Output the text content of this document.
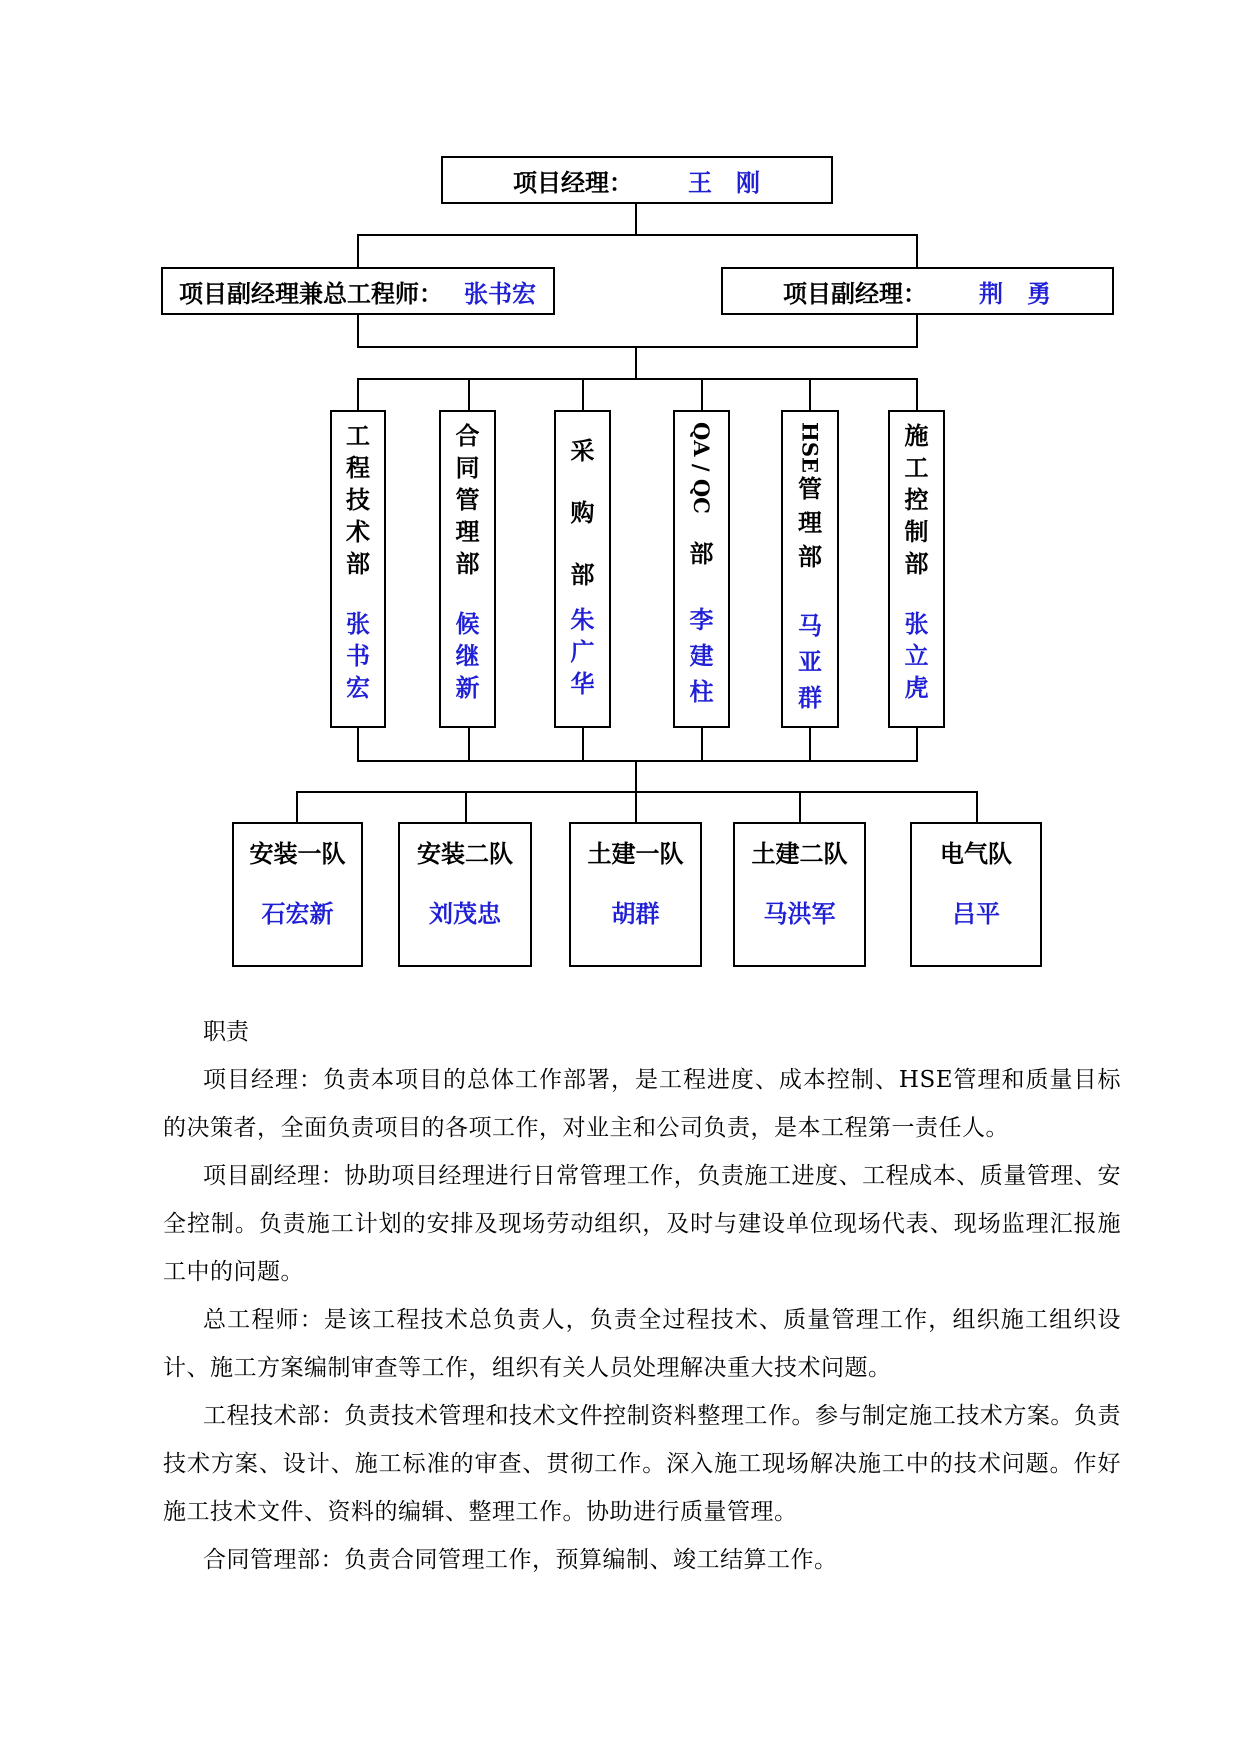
项目经理： 王　刚
项目副经理兼总工程师： 张书宏	项目副经理： 荆　勇
工
程
技
术
部
张
书
宏
合
同
管
理
部
候
继
新
采
购
部
朱
广
华
QA / QC
部
李
建
柱
HSE
管
理
部
马
亚
群
施
工
控
制
部
张
立
虎
安装一队
石宏新
安装二队
刘茂忠
土建一队
胡群
土建二队
马洪军
电气队
吕平
职责

项目经理：负责本项目的总体工作部署，是工程进度、成本控制、HSE管理和质量目标的决策者，全面负责项目的各项工作，对业主和公司负责，是本工程第一责任人。

项目副经理：协助项目经理进行日常管理工作，负责施工进度、工程成本、质量管理、安全控制。负责施工计划的安排及现场劳动组织，及时与建设单位现场代表、现场监理汇报施工中的问题。

总工程师：是该工程技术总负责人，负责全过程技术、质量管理工作，组织施工组织设计、施工方案编制审查等工作，组织有关人员处理解决重大技术问题。

工程技术部：负责技术管理和技术文件控制资料整理工作。参与制定施工技术方案。负责技术方案、设计、施工标准的审查、贯彻工作。深入施工现场解决施工中的技术问题。作好施工技术文件、资料的编辑、整理工作。协助进行质量管理。

合同管理部：负责合同管理工作，预算编制、竣工结算工作。
